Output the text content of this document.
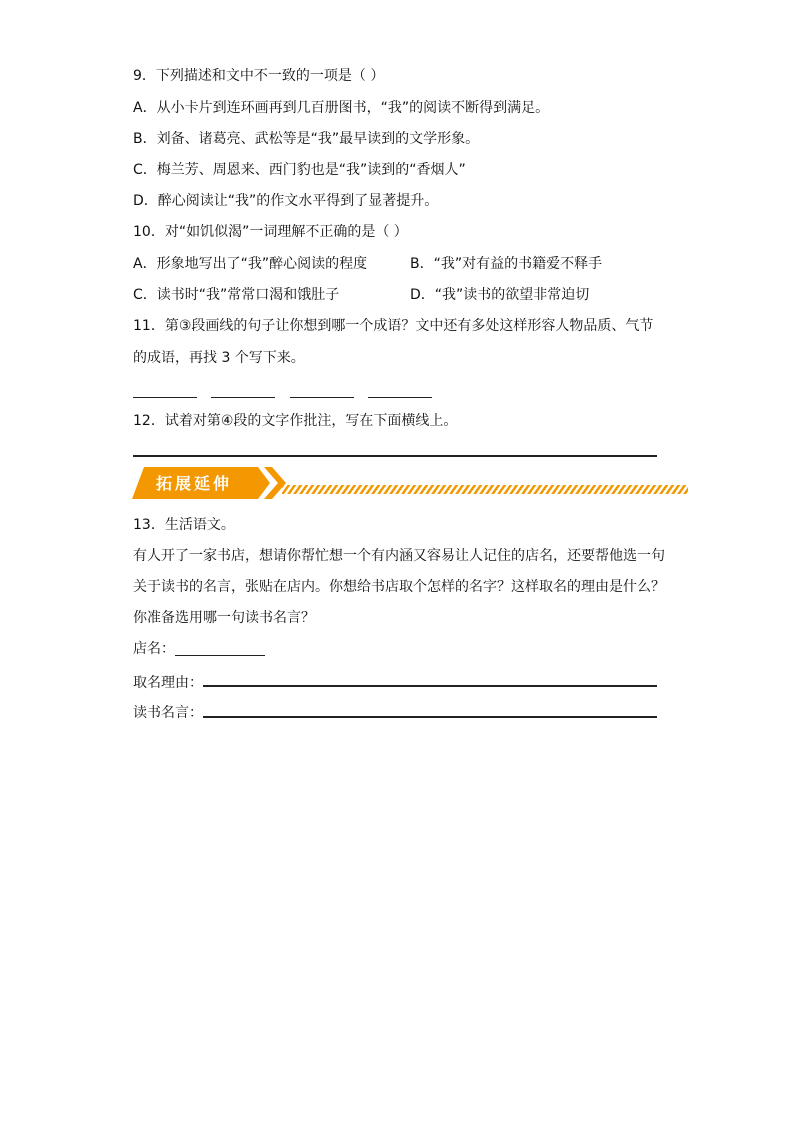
9．下列描述和文中不一致的一项是（ ）
A．从小卡片到连环画再到几百册图书，“我”的阅读不断得到满足。
B．刘备、诸葛亮、武松等是“我”最早读到的文学形象。
C．梅兰芳、周恩来、西门豹也是“我”读到的“香烟人”
D．醉心阅读让“我”的作文水平得到了显著提升。
10．对“如饥似渴”一词理解不正确的是（ ）
A．形象地写出了“我”醉心阅读的程度	B．“我”对有益的书籍爱不释手
C．读书时“我”常常口渴和饿肚子	D．“我”读书的欲望非常迫切
11．第③段画线的句子让你想到哪一个成语？文中还有多处这样形容人物品质、气节
的成语，再找 3 个写下来。

12．试着对第④段的文字作批注，写在下面横线上。
拓展延伸
13．生活语文。
有人开了一家书店，想请你帮忙想一个有内涵又容易让人记住的店名，还要帮他选一句
关于读书的名言，张贴在店内。你想给书店取个怎样的名字？这样取名的理由是什么？
你准备选用哪一句读书名言？
店名：
取名理由：
读书名言：
